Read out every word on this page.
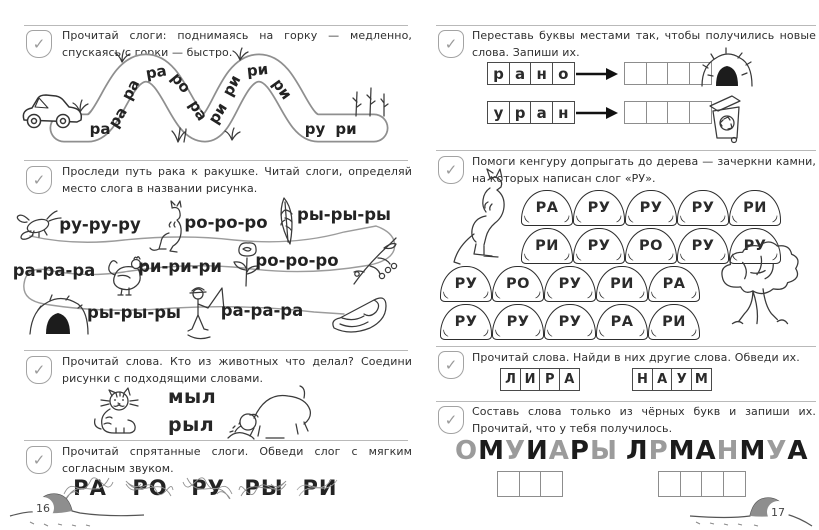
✓ Прочитай слоги: поднимаясь на горку — медленно, спускаясь с горки — быстро.
ра
ра
ра
ра ро
ра
ри
ри
ри
ри
ру ри
✓ Проследи путь рака к ракушке. Читай слоги, определяй место слога в названии рисунка.
ру-ру-ру	ро-ро-ро ры-ры-ры
ро-ро-ро
ри-ри-ри
ра-ра-ра
ры-ры-ры ра-ра-ра
✓ Прочитай слова. Кто из животных что делал? Соедини рисунки с подходящими словами.
мыл
рыл
✓ Прочитай спрятанные слоги. Обведи слог с мягким согласным звуком.
РА	РО	РУ РЫ РИ
16
✓ Переставь буквы местами так, чтобы получились новые слова. Запиши их.
р а н о
у р а н
✓ Помоги кенгуру допрыгать до дерева — зачеркни камни, на которых написан слог «РУ».
( РА
) ( РУ
) ( РУ
) ( РУ
) ( РИ
)
( РИ
) ( РУ
) ( РО
) ( РУ
) ( РУ
)
( РУ
) ( РО
) ( РУ
) ( РИ
) ( РА
)
( РУ
) ( РУ
) ( РУ
) ( РА
) ( РИ
)
✓ Прочитай слова. Найди в них другие слова. Обведи их.
Л И Р А	Н А У М
✓ Составь слова только из чёрных букв и запиши их. Прочитай, что у тебя получилось.
ОМУИАРЫ ЛРМАНМУА
17
